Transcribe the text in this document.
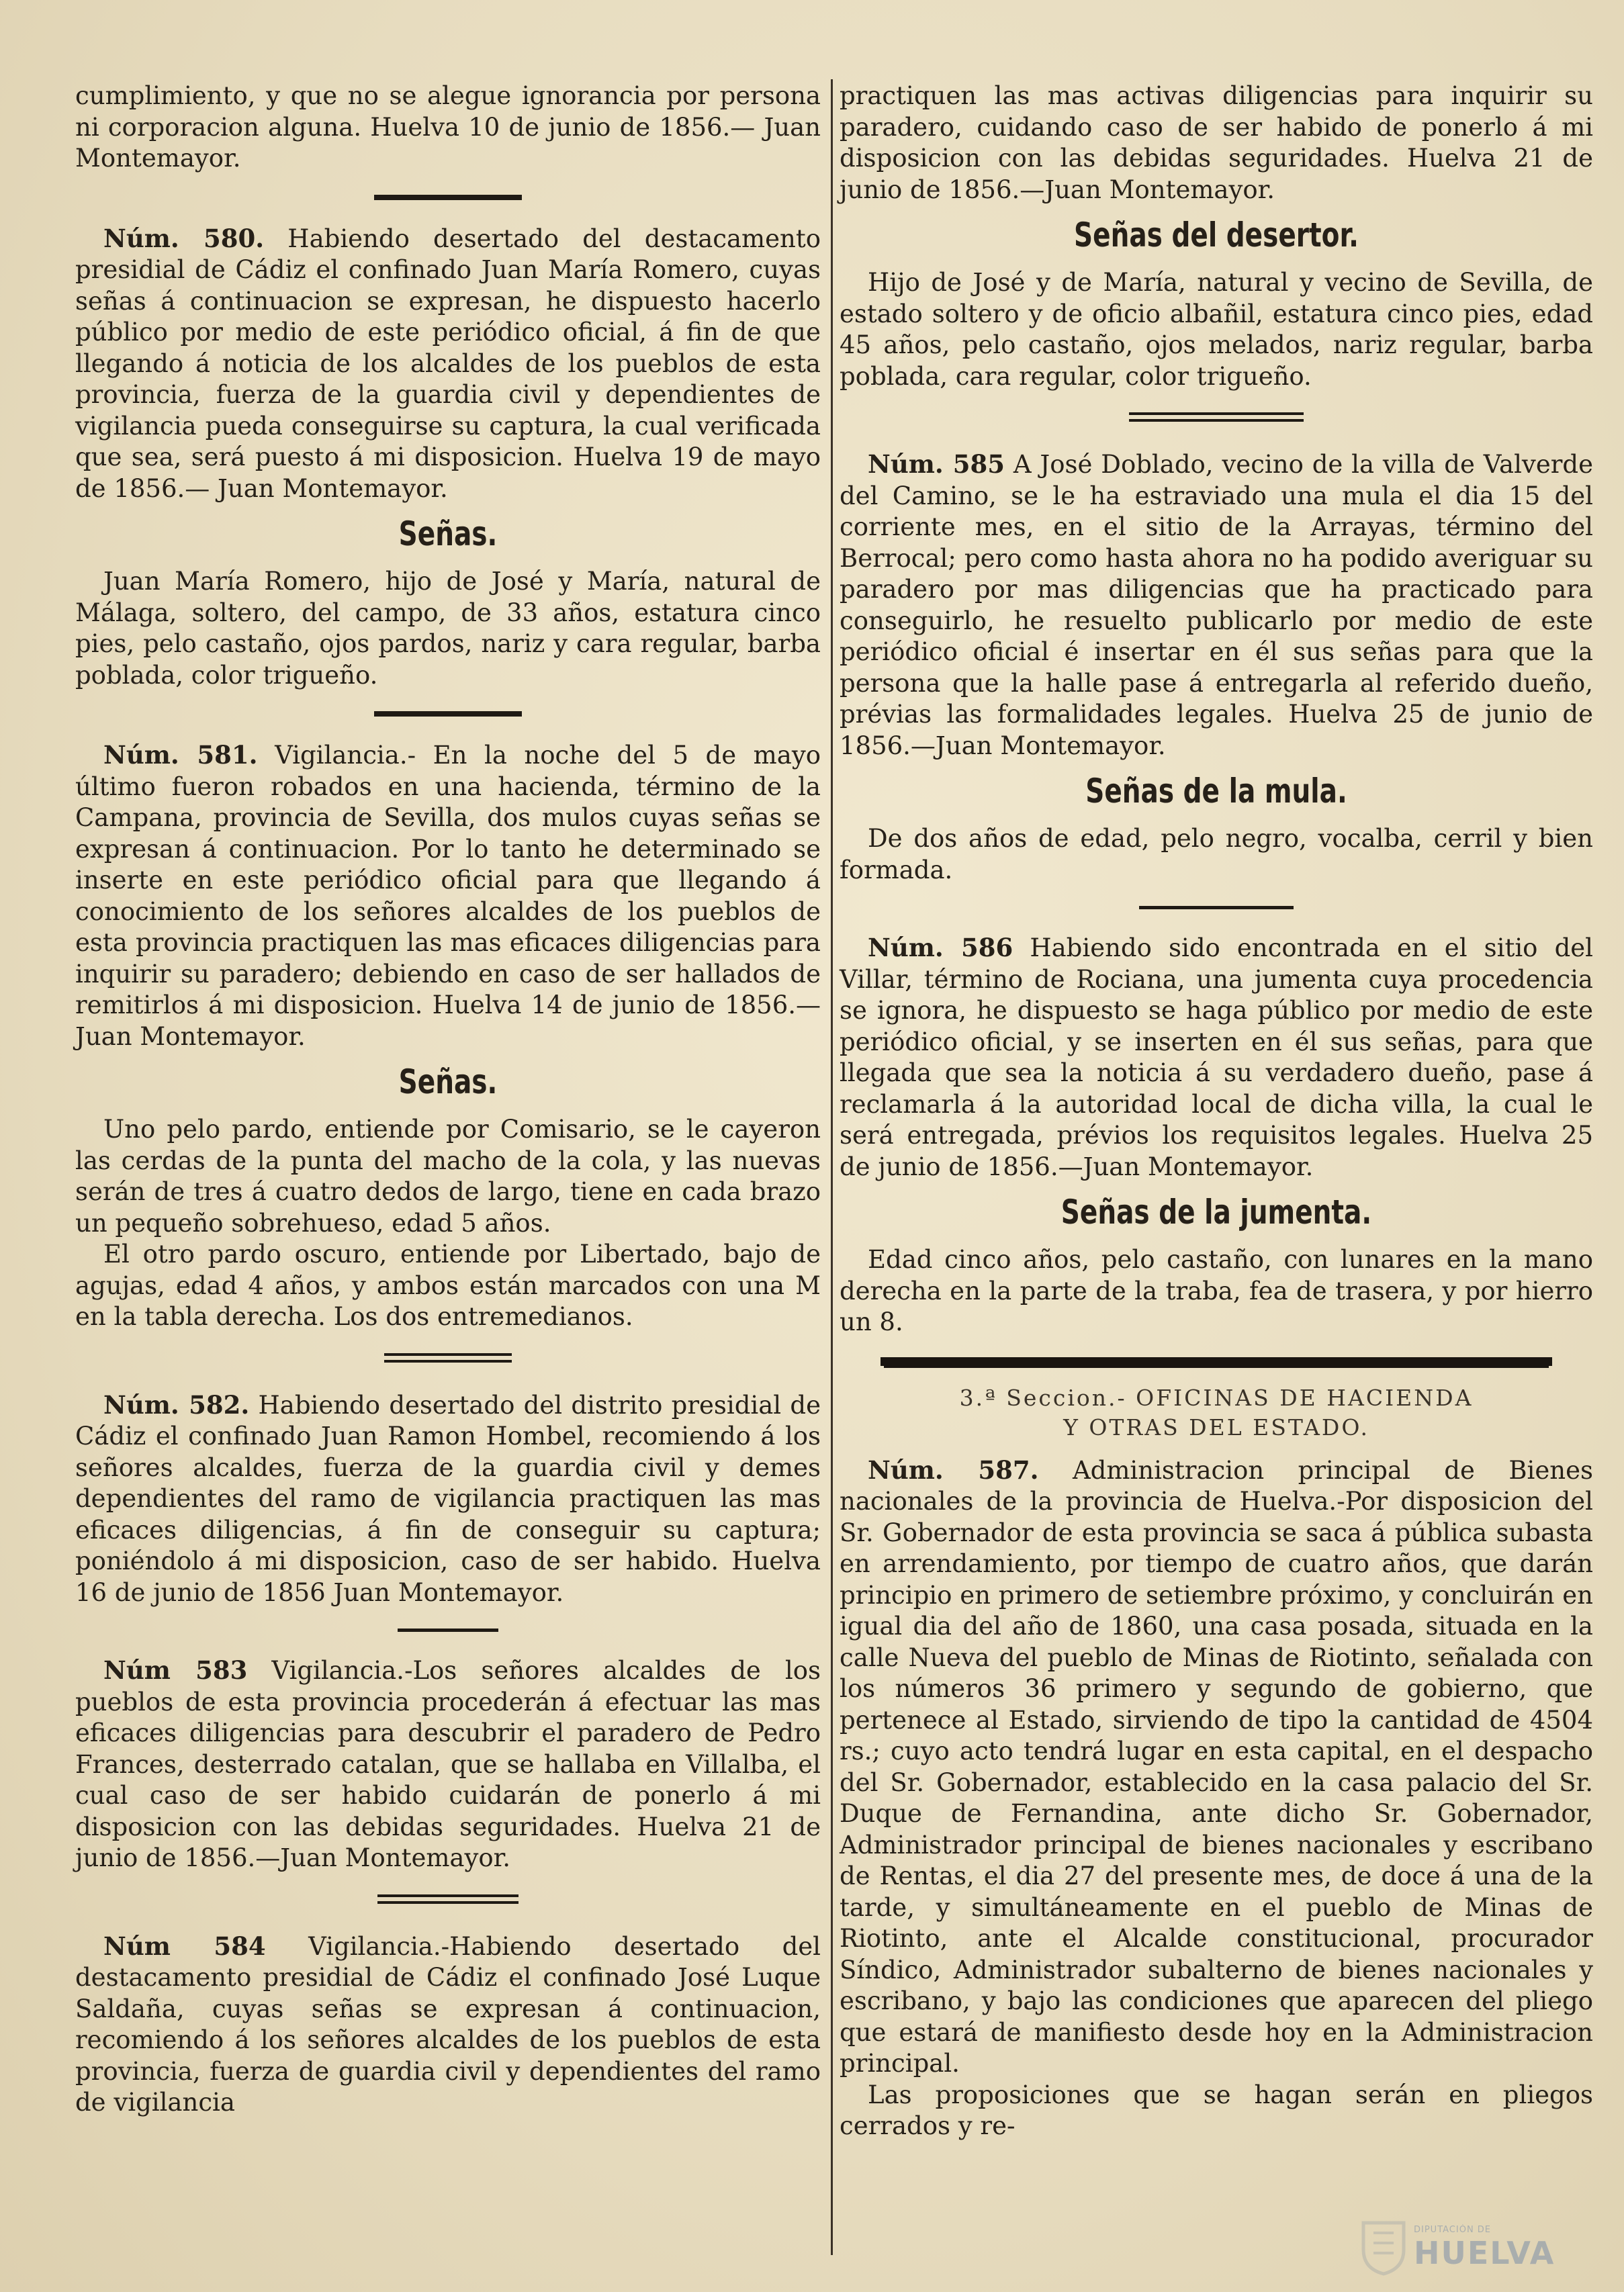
cumplimiento, y que no se alegue ignorancia por persona ni corporacion alguna. Huelva 10 de junio de 1856.— Juan Montemayor.

Núm. 580. Habiendo desertado del destacamento presidial de Cádiz el confinado Juan María Romero, cuyas señas á continuacion se expresan, he dispuesto hacerlo público por medio de este periódico oficial, á fin de que llegando á noticia de los alcaldes de los pueblos de esta provincia, fuerza de la guardia civil y dependientes de vigilancia pueda conseguirse su captura, la cual verificada que sea, será puesto á mi disposicion. Huelva 19 de mayo de 1856.— Juan Montemayor.

Señas.

Juan María Romero, hijo de José y María, natural de Málaga, soltero, del campo, de 33 años, estatura cinco pies, pelo castaño, ojos pardos, nariz y cara regular, barba poblada, color trigueño.

Núm. 581. Vigilancia.- En la noche del 5 de mayo último fueron robados en una hacienda, término de la Campana, provincia de Sevilla, dos mulos cuyas señas se expresan á continuacion. Por lo tanto he determinado se inserte en este periódico oficial para que llegando á conocimiento de los señores alcaldes de los pueblos de esta provincia practiquen las mas eficaces diligencias para inquirir su paradero; debiendo en caso de ser hallados de remitirlos á mi disposicion. Huelva 14 de junio de 1856.—Juan Montemayor.

Señas.

Uno pelo pardo, entiende por Comisario, se le cayeron las cerdas de la punta del macho de la cola, y las nuevas serán de tres á cuatro dedos de largo, tiene en cada brazo un pequeño sobrehueso, edad 5 años.

El otro pardo oscuro, entiende por Libertado, bajo de agujas, edad 4 años, y ambos están marcados con una M en la tabla derecha. Los dos entremedianos.

Núm. 582. Habiendo desertado del distrito presidial de Cádiz el confinado Juan Ramon Hombel, recomiendo á los señores alcaldes, fuerza de la guardia civil y demes dependientes del ramo de vigilancia practiquen las mas eficaces diligencias, á fin de conseguir su captura; poniéndolo á mi disposicion, caso de ser habido. Huelva 16 de junio de 1856 Juan Montemayor.

Núm 583 Vigilancia.-Los señores alcaldes de los pueblos de esta provincia procederán á efectuar las mas eficaces diligencias para descubrir el paradero de Pedro Frances, desterrado catalan, que se hallaba en Villalba, el cual caso de ser habido cuidarán de ponerlo á mi disposicion con las debidas seguridades. Huelva 21 de junio de 1856.—Juan Montemayor.

Núm 584 Vigilancia.-Habiendo desertado del destacamento presidial de Cádiz el confinado José Luque Saldaña, cuyas señas se expresan á continuacion, recomiendo á los señores alcaldes de los pueblos de esta provincia, fuerza de guardia civil y dependientes del ramo de vigilancia

practiquen las mas activas diligencias para inquirir su paradero, cuidando caso de ser habido de ponerlo á mi disposicion con las debidas seguridades. Huelva 21 de junio de 1856.—Juan Montemayor.

Señas del desertor.

Hijo de José y de María, natural y vecino de Sevilla, de estado soltero y de oficio albañil, estatura cinco pies, edad 45 años, pelo castaño, ojos melados, nariz regular, barba poblada, cara regular, color trigueño.

Núm. 585 A José Doblado, vecino de la villa de Valverde del Camino, se le ha estraviado una mula el dia 15 del corriente mes, en el sitio de la Arrayas, término del Berrocal; pero como hasta ahora no ha podido averiguar su paradero por mas diligencias que ha practicado para conseguirlo, he resuelto publicarlo por medio de este periódico oficial é insertar en él sus señas para que la persona que la halle pase á entregarla al referido dueño, prévias las formalidades legales. Huelva 25 de junio de 1856.—Juan Montemayor.

Señas de la mula.

De dos años de edad, pelo negro, vocalba, cerril y bien formada.

Núm. 586 Habiendo sido encontrada en el sitio del Villar, término de Rociana, una jumenta cuya procedencia se ignora, he dispuesto se haga público por medio de este periódico oficial, y se inserten en él sus señas, para que llegada que sea la noticia á su verdadero dueño, pase á reclamarla á la autoridad local de dicha villa, la cual le será entregada, prévios los requisitos legales. Huelva 25 de junio de 1856.—Juan Montemayor.

Señas de la jumenta.

Edad cinco años, pelo castaño, con lunares en la mano derecha en la parte de la traba, fea de trasera, y por hierro un 8.

3.ª Seccion.- OFICINAS DE HACIENDA
Y OTRAS DEL ESTADO.

Núm. 587. Administracion principal de Bienes nacionales de la provincia de Huelva.-Por disposicion del Sr. Gobernador de esta provincia se saca á pública subasta en arrendamiento, por tiempo de cuatro años, que darán principio en primero de setiembre próximo, y concluirán en igual dia del año de 1860, una casa posada, situada en la calle Nueva del pueblo de Minas de Riotinto, señalada con los números 36 primero y segundo de gobierno, que pertenece al Estado, sirviendo de tipo la cantidad de 4504 rs.; cuyo acto tendrá lugar en esta capital, en el despacho del Sr. Gobernador, establecido en la casa palacio del Sr. Duque de Fernandina, ante dicho Sr. Gobernador, Administrador principal de bienes nacionales y escribano de Rentas, el dia 27 del presente mes, de doce á una de la tarde, y simultáneamente en el pueblo de Minas de Riotinto, ante el Alcalde constitucional, procurador Síndico, Administrador subalterno de bienes nacionales y escribano, y bajo las condiciones que aparecen del pliego que estará de manifiesto desde hoy en la Administracion principal.

Las proposiciones que se hagan serán en pliegos cerrados y re-

DIPUTACIÓN DE
HUELVA
